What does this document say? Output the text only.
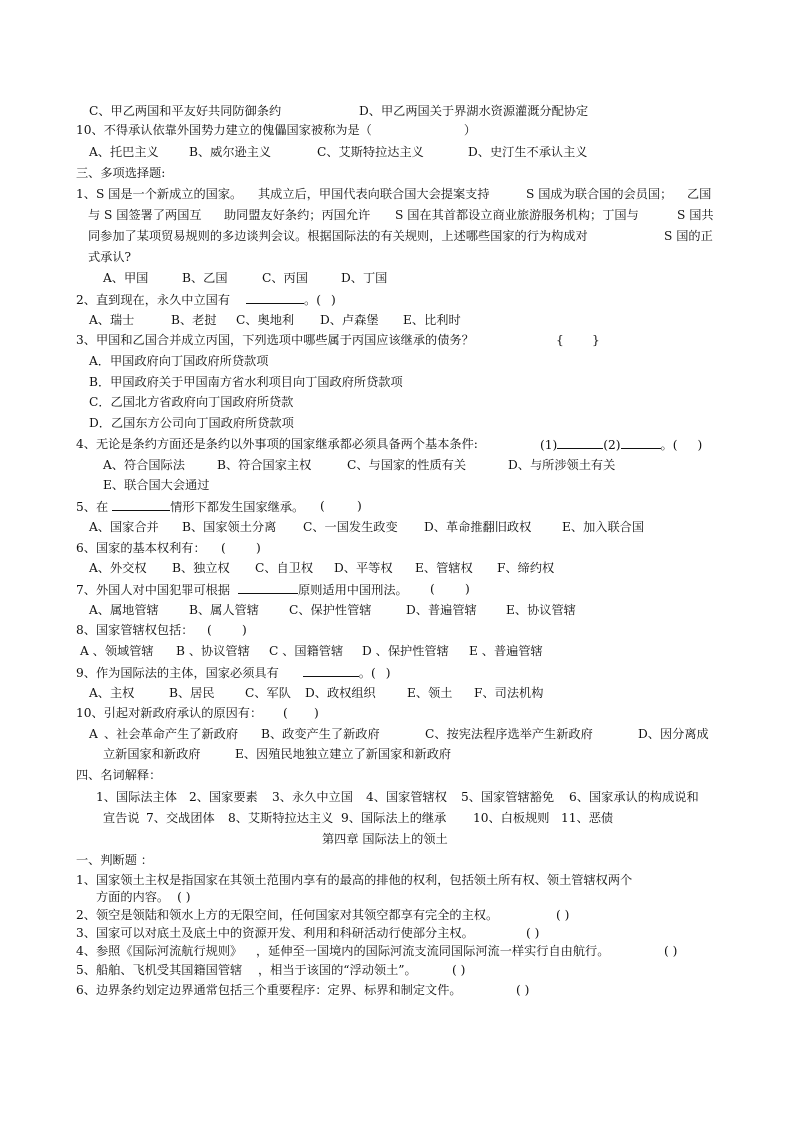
C、甲乙两国和平友好共同防御条约	D、甲乙两国关于界湖水资源灌溉分配协定
10、不得承认依靠外国势力建立的傀儡国家被称为是（	）
A、托巴主义 B、威尔逊主义	C、艾斯特拉达主义	D、史汀生不承认主义
三、多项选择题:
1、S 国是一个新成立的国家。 其成立后，甲国代表向联合国大会提案支持	S 国成为联合国的会员国； 乙国
与 S 国签署了两国互 助同盟友好条约；丙国允许 S 国在其首都设立商业旅游服务机构；丁国与	S 国共
同参加了某项贸易规则的多边谈判会议。根据国际法的有关规则，上述哪些国家的行为构成对	S 国的正
式承认?
A、甲国	B、乙国	C、丙国	D、丁国
2、直到现在，永久中立国有	。( )
A、瑞士	B、老挝 C、奥地利 D、卢森堡 E、比利时
3、甲国和乙国合并成立丙国，下列选项中哪些属于丙国应该继承的债务？	{ }
A．甲国政府向丁国政府所贷款项
B．甲国政府关于甲国南方省水利项目向丁国政府所贷款项
C．乙国北方省政府向丁国政府所贷款
D．乙国东方公司向丁国政府所贷款项
4、无论是条约方面还是条约以外事项的国家继承都必须具备两个基本条件:	(1)	(2)	。( )
A、符合国际法	B、符合国家主权	C、与国家的性质有关	D、与所涉领土有关
E、联合国大会通过
5、在	情形下都发生国家继承。 (	)
A、国家合并 B、国家领土分离 C、一国发生政变 D、革命推翻旧政权	E、加入联合国
6、国家的基本权利有： ( )
A、外交权 B、独立权 C、自卫权 D、平等权 E、管辖权 F、缔约权
7、外国人对中国犯罪可根据	原则适用中国刑法。 ( )
A、属地管辖 B、属人管辖 C、保护性管辖	D、普遍管辖 E、协议管辖
8、国家管辖权包括： ( )
A 、领域管辖 B 、协议管辖 C 、国籍管辖 D 、保护性管辖 E 、普遍管辖
9、作为国际法的主体，国家必须具有	。( )
A、主权	B、居民 C、军队 D、政权组织	E、领土 F、司法机构
10、引起对新政府承认的原因有： ( )
A 、社会革命产生了新政府 B、政变产生了新政府	C、按宪法程序选举产生新政府	D、因分离成
立新国家和新政府	E、因殖民地独立建立了新国家和新政府
四、名词解释：
1、国际法主体 2、国家要素 3、永久中立国 4、国家管辖权 5、国家管辖豁免 6、国家承认的构成说和
宣告说 7、交战团体 8、艾斯特拉达主义 9、国际法上的继承 10、白板规则 11、恶债
第四章 国际法上的领土
一、判断题 ：
1、国家领土主权是指国家在其领土范围内享有的最高的排他的权利，包括领土所有权、领土管辖权两个
方面的内容。 ( )
2、领空是领陆和领水上方的无限空间，任何国家对其领空都享有完全的主权。	( )
3、国家可以对底土及底土中的资源开发、利用和科研活动行使部分主权。	( )
4、参照《国际河流航行规则》 ，延伸至一国境内的国际河流支流同国际河流一样实行自由航行。	( )
5、船舶、飞机受其国籍国管辖 ，相当于该国的“浮动领土”。	( )
6、边界条约划定边界通常包括三个重要程序：定界、标界和制定文件。	( )
